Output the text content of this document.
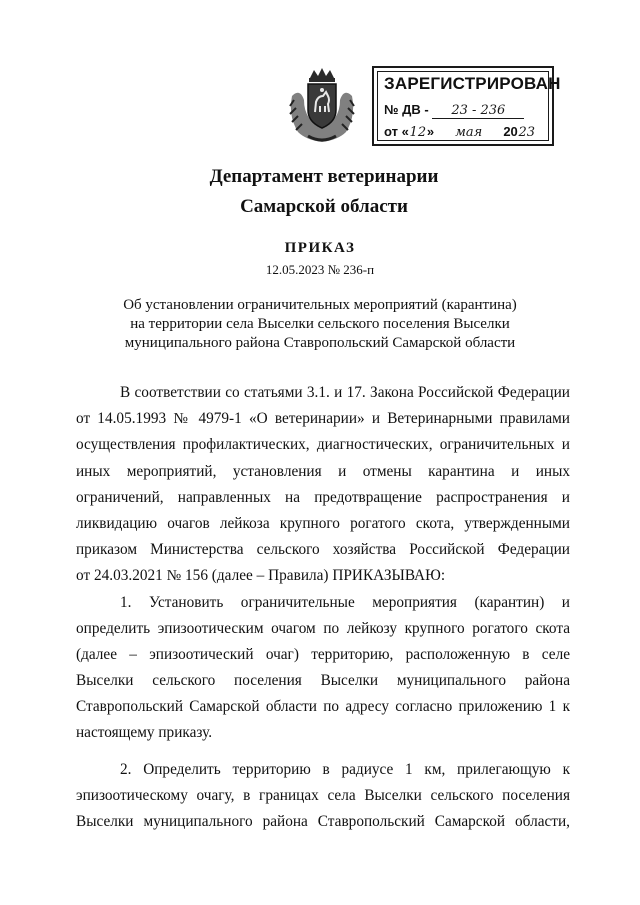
ЗАРЕГИСТРИРОВАН
№ ДВ - 23 - 236
от «12» мая 2023
Департамент ветеринарии
Самарской области
ПРИКАЗ
12.05.2023 № 236-п
Об установлении ограничительных мероприятий (карантина)
на территории села Выселки сельского поселения Выселки
муниципального района Ставропольский Самарской области
В соответствии со статьями 3.1. и 17. Закона Российской Федерации
от 14.05.1993 № 4979-1 «О ветеринарии» и Ветеринарными правилами
осуществления профилактических, диагностических, ограничительных и
иных мероприятий, установления и отмены карантина и иных
ограничений, направленных на предотвращение распространения и
ликвидацию очагов лейкоза крупного рогатого скота, утвержденными
приказом Министерства сельского хозяйства Российской Федерации
от 24.03.2021 № 156 (далее – Правила) ПРИКАЗЫВАЮ:
1. Установить ограничительные мероприятия (карантин) и
определить эпизоотическим очагом по лейкозу крупного рогатого скота
(далее – эпизоотический очаг) территорию, расположенную в селе
Выселки сельского поселения Выселки муниципального района
Ставропольский Самарской области по адресу согласно приложению 1 к
настоящему приказу.
2. Определить территорию в радиусе 1 км, прилегающую к
эпизоотическому очагу, в границах села Выселки сельского поселения
Выселки муниципального района Ставропольский Самарской области,
